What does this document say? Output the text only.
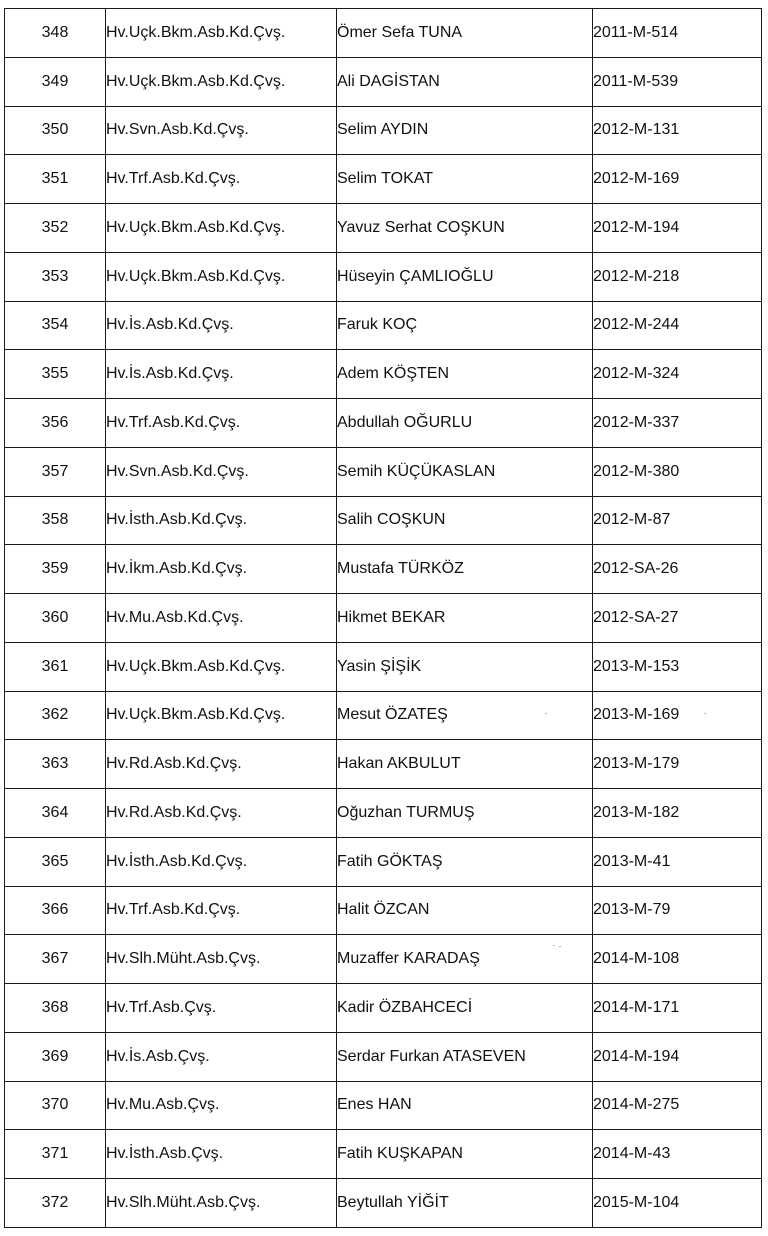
348	Hv.Uçk.Bkm.Asb.Kd.Çvş.	Ömer Sefa TUNA	2011-M-514
349	Hv.Uçk.Bkm.Asb.Kd.Çvş.	Ali DAGİSTAN	2011-M-539
350	Hv.Svn.Asb.Kd.Çvş.	Selim AYDIN	2012-M-131
351	Hv.Trf.Asb.Kd.Çvş.	Selim TOKAT	2012-M-169
352	Hv.Uçk.Bkm.Asb.Kd.Çvş.	Yavuz Serhat COŞKUN	2012-M-194
353	Hv.Uçk.Bkm.Asb.Kd.Çvş.	Hüseyin ÇAMLIOĞLU	2012-M-218
354	Hv.İs.Asb.Kd.Çvş.	Faruk KOÇ	2012-M-244
355	Hv.İs.Asb.Kd.Çvş.	Adem KÖŞTEN	2012-M-324
356	Hv.Trf.Asb.Kd.Çvş.	Abdullah OĞURLU	2012-M-337
357	Hv.Svn.Asb.Kd.Çvş.	Semih KÜÇÜKASLAN	2012-M-380
358	Hv.İsth.Asb.Kd.Çvş.	Salih COŞKUN	2012-M-87
359	Hv.İkm.Asb.Kd.Çvş.	Mustafa TÜRKÖZ	2012-SA-26
360	Hv.Mu.Asb.Kd.Çvş.	Hikmet BEKAR	2012-SA-27
361	Hv.Uçk.Bkm.Asb.Kd.Çvş.	Yasin ŞİŞİK	2013-M-153
362	Hv.Uçk.Bkm.Asb.Kd.Çvş.	Mesut ÖZATEŞ	2013-M-169
363	Hv.Rd.Asb.Kd.Çvş.	Hakan AKBULUT	2013-M-179
364	Hv.Rd.Asb.Kd.Çvş.	Oğuzhan TURMUŞ	2013-M-182
365	Hv.İsth.Asb.Kd.Çvş.	Fatih GÖKTAŞ	2013-M-41
366	Hv.Trf.Asb.Kd.Çvş.	Halit ÖZCAN	2013-M-79
367	Hv.Slh.Müht.Asb.Çvş.	Muzaffer KARADAŞ	2014-M-108
368	Hv.Trf.Asb.Çvş.	Kadir ÖZBAHCECİ	2014-M-171
369	Hv.İs.Asb.Çvş.	Serdar Furkan ATASEVEN	2014-M-194
370	Hv.Mu.Asb.Çvş.	Enes HAN	2014-M-275
371	Hv.İsth.Asb.Çvş.	Fatih KUŞKAPAN	2014-M-43
372	Hv.Slh.Müht.Asb.Çvş.	Beytullah YİĞİT	2015-M-104
